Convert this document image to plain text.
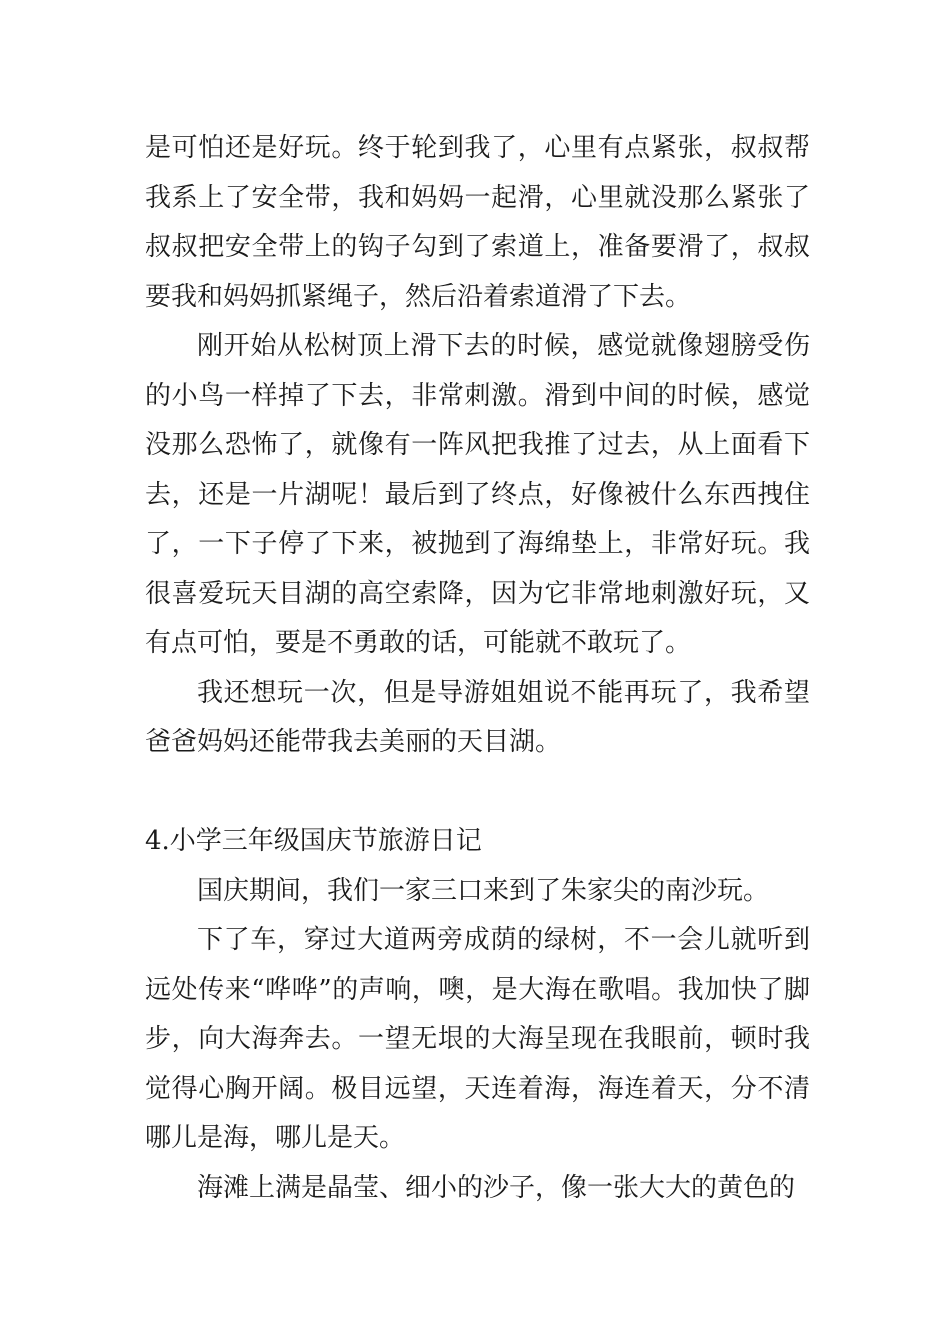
是可怕还是好玩。终于轮到我了，心里有点紧张，叔叔帮我系上了安全带，我和妈妈一起滑，心里就没那么紧张了叔叔把安全带上的钩子勾到了索道上，准备要滑了，叔叔要我和妈妈抓紧绳子，然后沿着索道滑了下去。

刚开始从松树顶上滑下去的时候，感觉就像翅膀受伤的小鸟一样掉了下去，非常刺激。滑到中间的时候，感觉没那么恐怖了，就像有一阵风把我推了过去，从上面看下去，还是一片湖呢！最后到了终点，好像被什么东西拽住了，一下子停了下来，被抛到了海绵垫上，非常好玩。我很喜爱玩天目湖的高空索降，因为它非常地刺激好玩，又有点可怕，要是不勇敢的话，可能就不敢玩了。

我还想玩一次，但是导游姐姐说不能再玩了，我希望爸爸妈妈还能带我去美丽的天目湖。

4.小学三年级国庆节旅游日记

国庆期间，我们一家三口来到了朱家尖的南沙玩。

下了车，穿过大道两旁成荫的绿树，不一会儿就听到远处传来“哗哗”的声响，噢，是大海在歌唱。我加快了脚步，向大海奔去。一望无垠的大海呈现在我眼前，顿时我觉得心胸开阔。极目远望，天连着海，海连着天，分不清哪儿是海，哪儿是天。

海滩上满是晶莹、细小的沙子，像一张大大的黄色的
